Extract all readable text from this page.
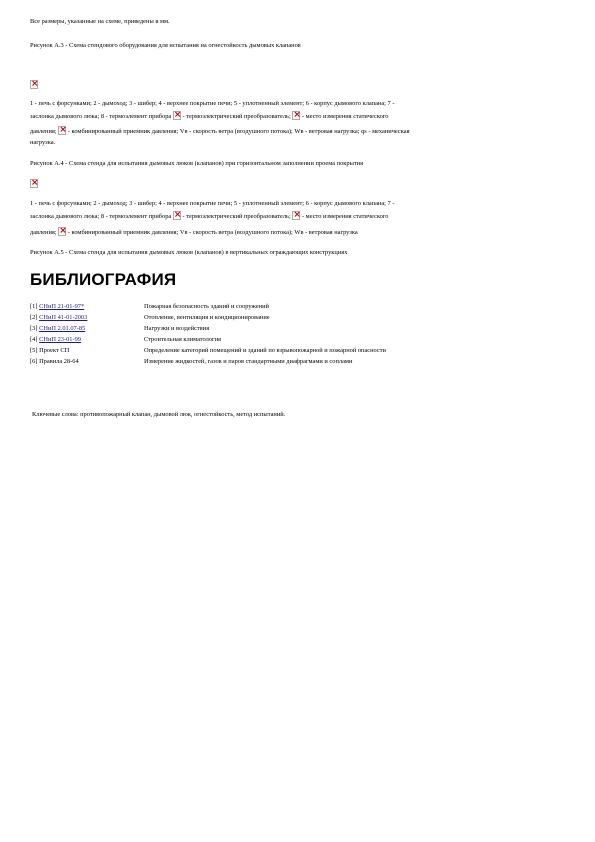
Все размеры, указанные на схеме, приведены в мм.
Рисунок А.3 - Схема стендового оборудования для испытания на огнестойкость дымовых клапанов
×
1 - печь с форсунками; 2 - дымоход; 3 - шибер; 4 - верхнее покрытие печи; 5 - уплотненный элемент; 6 - корпус дымового клапана; 7 -
заслонка дымового люка; 8 - термоэлемент прибора × - термоэлектрический преобразователь; × - место измерения статического
давления; × - комбинированный приемник давления; Vв - скорость ветра (воздушного потока); Wв - ветровая нагрузка; qs - механическая
нагрузка.
Рисунок А.4 - Схема стенда для испытания дымовых люков (клапанов) при горизонтальном заполнении проема покрытия
×
1 - печь с форсунками; 2 - дымоход; 3 - шибер; 4 - верхнее покрытие печи; 5 - уплотненный элемент; 6 - корпус дымового клапана; 7 -
заслонка дымового люка; 8 - термоэлемент прибора × - термоэлектрический преобразователь; × - место измерения статического
давления; × - комбинированный приемник давления; Vв - скорость ветра (воздушного потока); Wв - ветровая нагрузка
Рисунок А.5 - Схема стенда для испытания дымовых люков (клапанов) в вертикальных ограждающих конструкциях
БИБЛИОГРАФИЯ
[1] СНиП 21-01-97*	Пожарная безопасность зданий и сооружений
[2] СНиП 41-01-2003	Отопление, вентиляция и кондиционирование
[3] СНиП 2.01.07-85	Нагрузки и воздействия
[4] СНиП 23-01-99	Строительная климатология
[5] Проект СП	Определение категорий помещений и зданий по взрывопожарной и пожарной опасности
[6] Правила 28-64	Измерение жидкостей, газов и паров стандартными диафрагмами и соплами
Ключевые слова: противопожарный клапан, дымовой люк, огнестойкость, метод испытаний.
